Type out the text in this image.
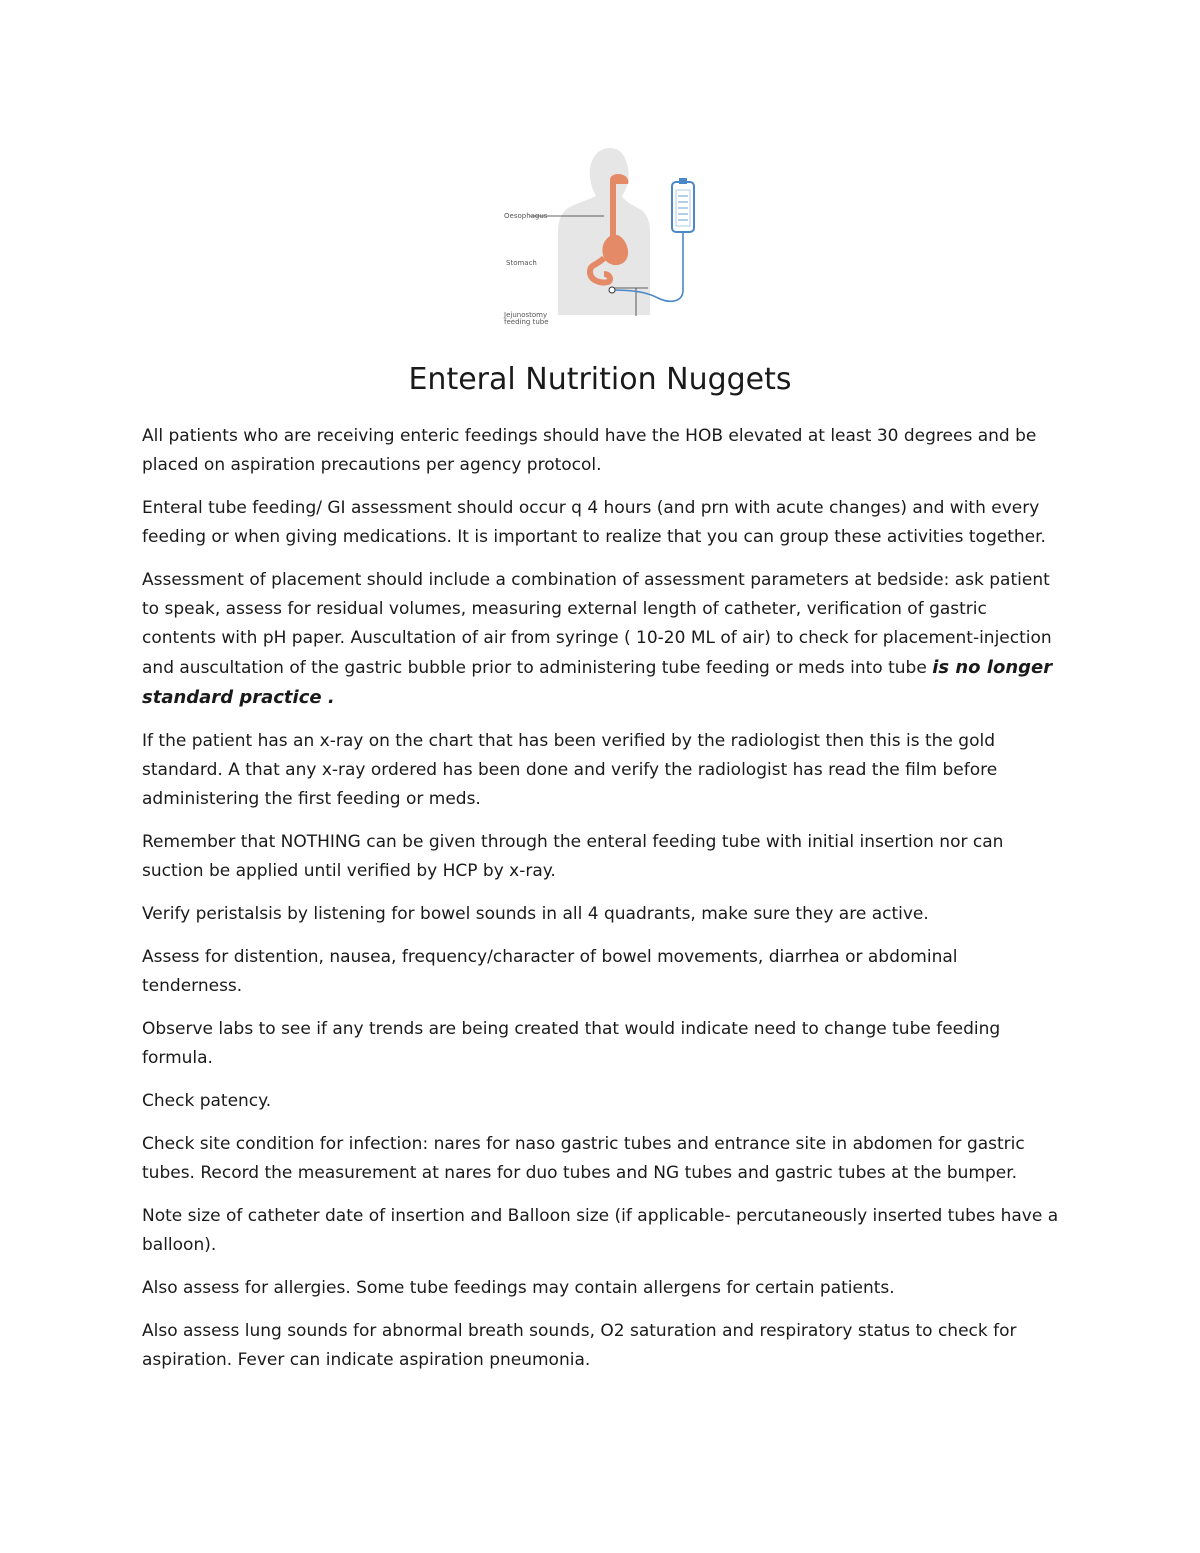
Oesophagus
Stomach
Jejunostomy feeding tube
Enteral Nutrition Nuggets

All patients who are receiving enteric feedings should have the HOB elevated at least 30 degrees and be placed on aspiration precautions per agency protocol.

Enteral tube feeding/ GI assessment should occur q 4 hours (and prn with acute changes) and with every feeding or when giving medications. It is important to realize that you can group these activities together.

Assessment of placement should include a combination of assessment parameters at bedside: ask patient to speak, assess for residual volumes, measuring external length of catheter, verification of gastric contents with pH paper. Auscultation of air from syringe ( 10-20 ML of air) to check for placement-injection and auscultation of the gastric bubble prior to administering tube feeding or meds into tube is no longer standard practice .

If the patient has an x-ray on the chart that has been verified by the radiologist then this is the gold standard. A that any x-ray ordered has been done and verify the radiologist has read the film before administering the first feeding or meds.

Remember that NOTHING can be given through the enteral feeding tube with initial insertion nor can suction be applied until verified by HCP by x-ray.

Verify peristalsis by listening for bowel sounds in all 4 quadrants, make sure they are active.

Assess for distention, nausea, frequency/character of bowel movements, diarrhea or abdominal tenderness.

Observe labs to see if any trends are being created that would indicate need to change tube feeding formula.

Check patency.

Check site condition for infection: nares for naso gastric tubes and entrance site in abdomen for gastric tubes. Record the measurement at nares for duo tubes and NG tubes and gastric tubes at the bumper.

Note size of catheter date of insertion and Balloon size (if applicable- percutaneously inserted tubes have a balloon).

Also assess for allergies. Some tube feedings may contain allergens for certain patients.

Also assess lung sounds for abnormal breath sounds, O2 saturation and respiratory status to check for aspiration. Fever can indicate aspiration pneumonia.
